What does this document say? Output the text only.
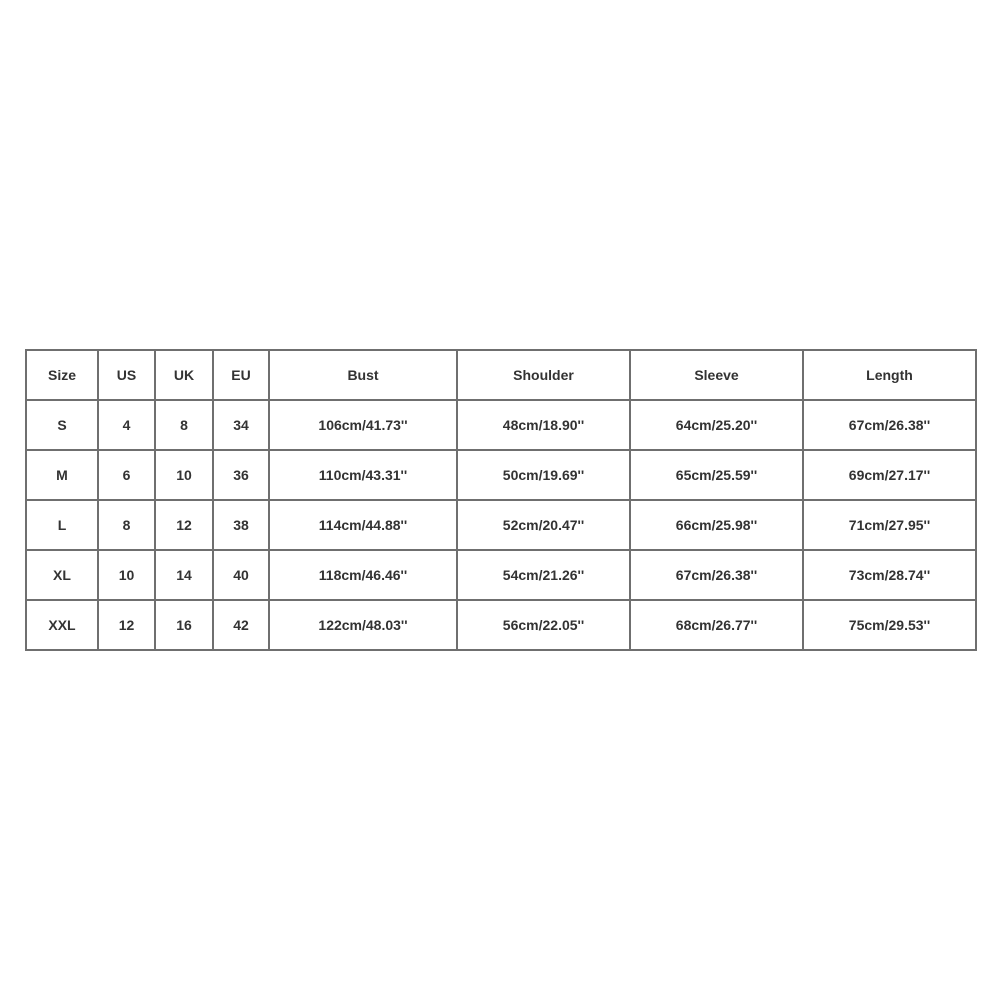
Size	US	UK	EU	Bust	Shoulder	Sleeve	Length
S	4	8	34	106cm/41.73''	48cm/18.90''	64cm/25.20''	67cm/26.38''
M	6	10	36	110cm/43.31''	50cm/19.69''	65cm/25.59''	69cm/27.17''
L	8	12	38	114cm/44.88''	52cm/20.47''	66cm/25.98''	71cm/27.95''
XL	10	14	40	118cm/46.46''	54cm/21.26''	67cm/26.38''	73cm/28.74''
XXL	12	16	42	122cm/48.03''	56cm/22.05''	68cm/26.77''	75cm/29.53''
